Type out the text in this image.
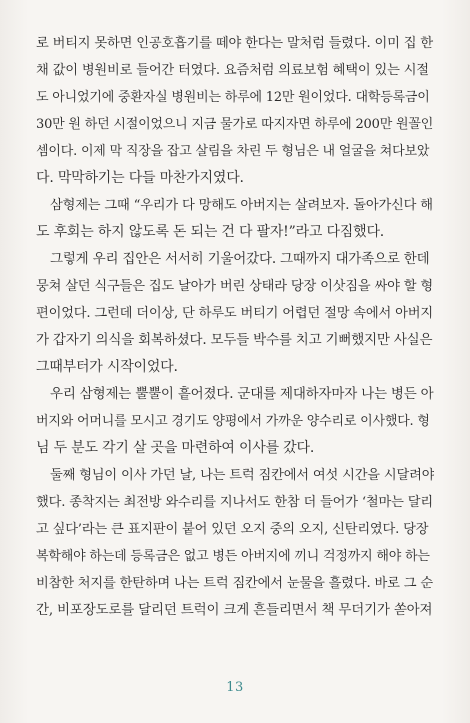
로 버티지 못하면 인공호흡기를 떼야 한다는 말처럼 들렸다. 이미 집 한
채 값이 병원비로 들어간 터였다. 요즘처럼 의료보험 혜택이 있는 시절
도 아니었기에 중환자실 병원비는 하루에 12만 원이었다. 대학등록금이
30만 원 하던 시절이었으니 지금 물가로 따지자면 하루에 200만 원꼴인
셈이다. 이제 막 직장을 잡고 살림을 차린 두 형님은 내 얼굴을 쳐다보았
다. 막막하기는 다들 마찬가지였다.
삼형제는 그때 “우리가 다 망해도 아버지는 살려보자. 돌아가신다 해
도 후회는 하지 않도록 돈 되는 건 다 팔자!”라고 다짐했다.
그렇게 우리 집안은 서서히 기울어갔다. 그때까지 대가족으로 한데
뭉쳐 살던 식구들은 집도 날아가 버린 상태라 당장 이삿짐을 싸야 할 형
편이었다. 그런데 더이상, 단 하루도 버티기 어렵던 절망 속에서 아버지
가 갑자기 의식을 회복하셨다. 모두들 박수를 치고 기뻐했지만 사실은
그때부터가 시작이었다.
우리 삼형제는 뿔뿔이 흩어졌다. 군대를 제대하자마자 나는 병든 아
버지와 어머니를 모시고 경기도 양평에서 가까운 양수리로 이사했다. 형
님 두 분도 각기 살 곳을 마련하여 이사를 갔다.
둘째 형님이 이사 가던 날, 나는 트럭 짐칸에서 여섯 시간을 시달려야
했다. 종착지는 최전방 와수리를 지나서도 한참 더 들어가 ‘철마는 달리
고 싶다’라는 큰 표지판이 붙어 있던 오지 중의 오지, 신탄리였다. 당장
복학해야 하는데 등록금은 없고 병든 아버지에 끼니 걱정까지 해야 하는
비참한 처지를 한탄하며 나는 트럭 짐칸에서 눈물을 흘렸다. 바로 그 순
간, 비포장도로를 달리던 트럭이 크게 흔들리면서 책 무더기가 쏟아져
13
